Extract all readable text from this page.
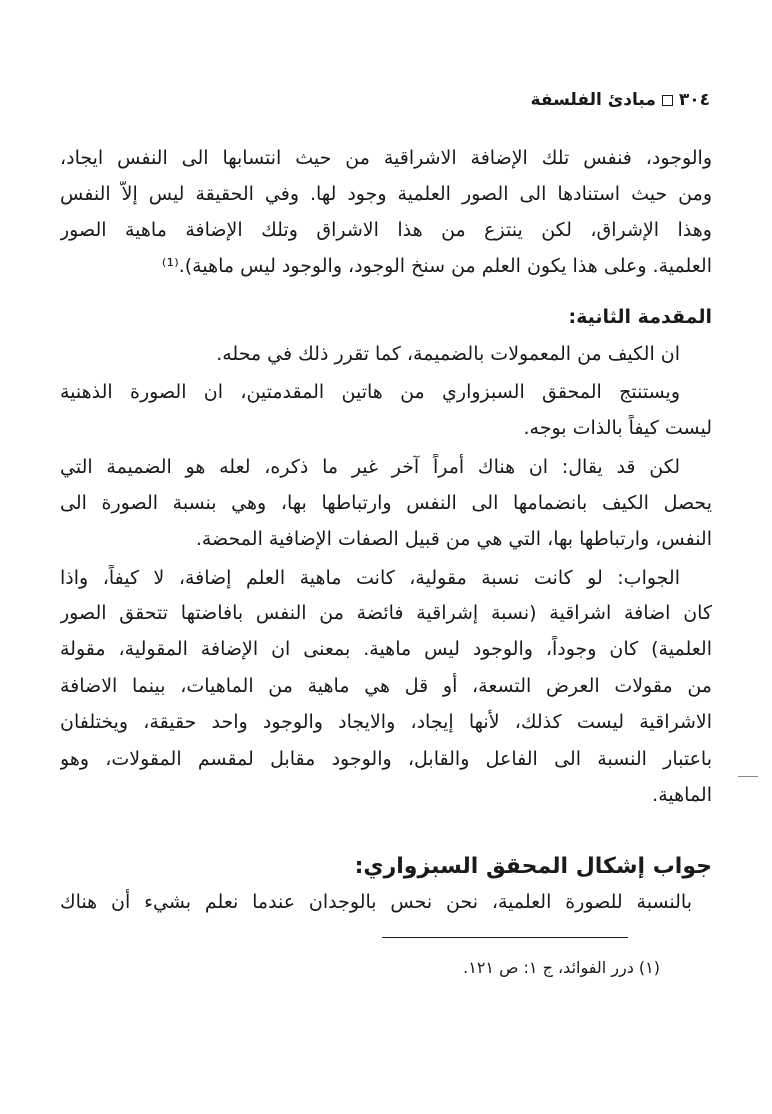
٣٠٤
مبادئ الفلسفة
والوجود، فنفس تلك الإضافة الاشراقية من حيث انتسابها الى النفس ايجاد،
ومن حيث استنادها الى الصور العلمية وجود لها. وفي الحقيقة ليس إلاّ النفس
وهذا الإشراق، لكن ينتزع من هذا الاشراق وتلك الإضافة ماهية الصور
العلمية. وعلى هذا يكون العلم من سنخ الوجود، والوجود ليس ماهية).⁽¹⁾
المقدمة الثانية:
ان الكيف من المعمولات بالضميمة، كما تقرر ذلك في محله.
ويستنتج المحقق السبزواري من هاتين المقدمتين، ان الصورة الذهنية
ليست كيفاً بالذات بوجه.
لكن قد يقال: ان هناك أمراً آخر غير ما ذكره، لعله هو الضميمة التي
يحصل الكيف بانضمامها الى النفس وارتباطها بها، وهي بنسبة الصورة الى
النفس، وارتباطها بها، التي هي من قبيل الصفات الإضافية المحضة.
الجواب: لو كانت نسبة مقولية، كانت ماهية العلم إضافة، لا كيفاً، واذا
كان اضافة اشراقية (نسبة إشراقية فائضة من النفس بافاضتها تتحقق الصور
العلمية) كان وجوداً، والوجود ليس ماهية. بمعنى ان الإضافة المقولية، مقولة
من مقولات العرض التسعة، أو قل هي ماهية من الماهيات، بينما الاضافة
الاشراقية ليست كذلك، لأنها إيجاد، والايجاد والوجود واحد حقيقة، ويختلفان
باعتبار النسبة الى الفاعل والقابل، والوجود مقابل لمقسم المقولات، وهو
الماهية.
جواب إشكال المحقق السبزواري:
بالنسبة للصورة العلمية، نحن نحس بالوجدان عندما نعلم بشيء أن هناك
(١) درر الفوائد، ج ١: ص ١٢١.
